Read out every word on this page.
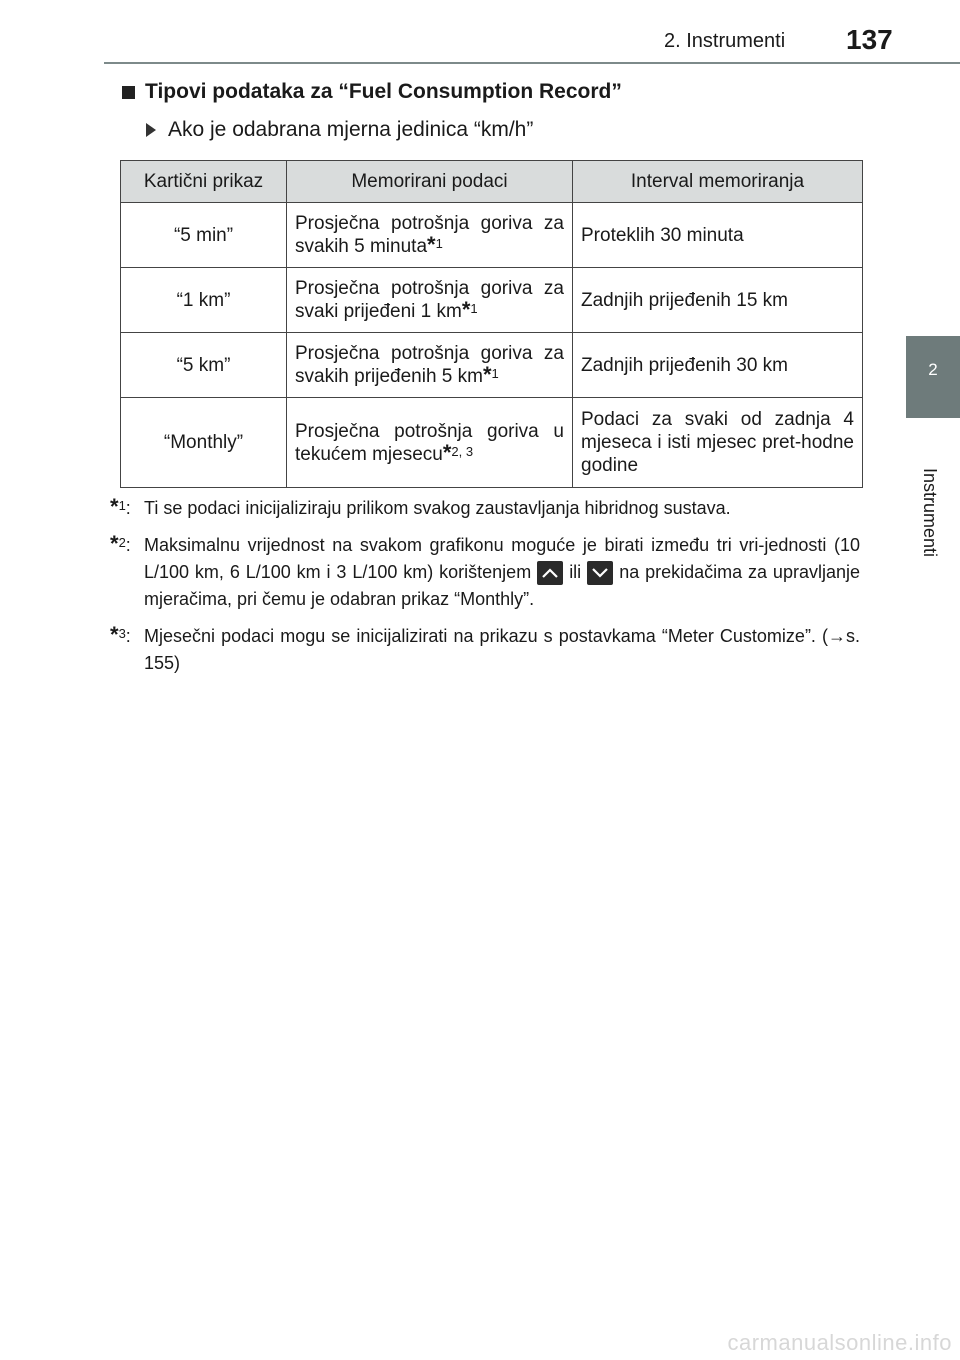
2. Instrumenti 137
2
Instrumenti
Tipovi podataka za “Fuel Consumption Record”
Ako je odabrana mjerna jedinica “km/h”
Kartični prikaz	Memorirani podaci	Interval memoriranja
“5 min”	Prosječna potrošnja goriva za svakih 5 minuta*$^1$	Proteklih 30 minuta
“1 km”	Prosječna potrošnja goriva za svaki prijeđeni 1 km*$^1$	Zadnjih prijeđenih 15 km
“5 km”	Prosječna potrošnja goriva za svakih prijeđenih 5 km*$^1$	Zadnjih prijeđenih 30 km
“Monthly”	Prosječna potrošnja goriva u tekućem mjesecu*$^{2, 3}$	Podaci za svaki od zadnja 4 mjeseca i isti mjesec pret-hodne godine
*$^1$: Ti se podaci inicijaliziraju prilikom svakog zaustavljanja hibridnog sustava.
*$^2$: Maksimalnu vrijednost na svakom grafikonu moguće je birati između tri vri-jednosti (10 L/100 km, 6 L/100 km i 3 L/100 km) korištenjem ili na prekidačima za upravljanje mjeračima, pri čemu je odabran prikaz “Monthly”.
*$^3$: Mjesečni podaci mogu se inicijalizirati na prikazu s postavkama “Meter Customize”. (→s. 155)
carmanualsonline.info
